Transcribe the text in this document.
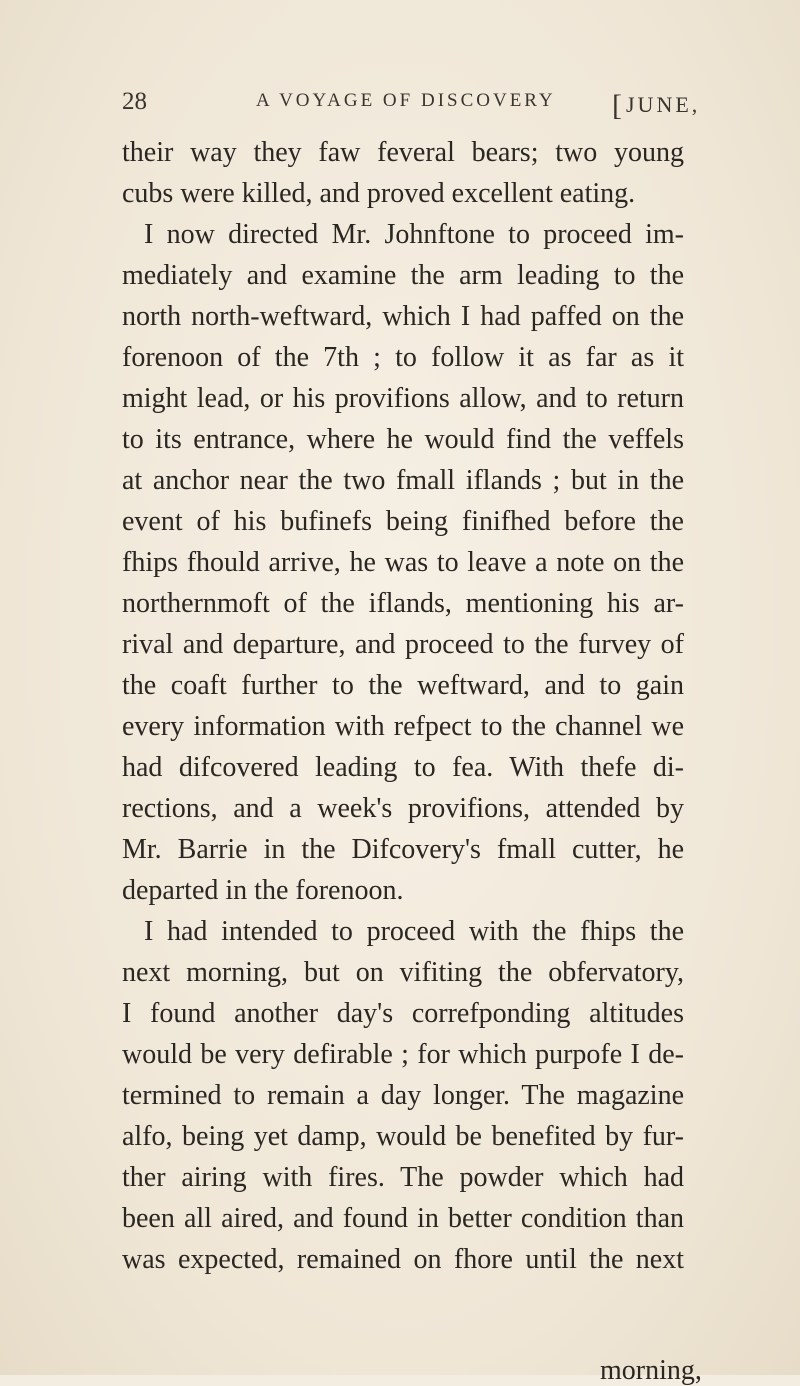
28	A VOYAGE OF DISCOVERY [JUNE,
their way they faw feveral bears; two young
cubs were killed, and proved excellent eating.
I now directed Mr. Johnftone to proceed im-
mediately and examine the arm leading to the
north north-weftward, which I had paffed on the
forenoon of the 7th ; to follow it as far as it
might lead, or his provifions allow, and to return
to its entrance, where he would find the veffels
at anchor near the two fmall iflands ; but in the
event of his bufinefs being finifhed before the
fhips fhould arrive, he was to leave a note on the
northernmoft of the iflands, mentioning his ar-
rival and departure, and proceed to the furvey of
the coaft further to the weftward, and to gain
every information with refpect to the channel we
had difcovered leading to fea. With thefe di-
rections, and a week's provifions, attended by
Mr. Barrie in the Difcovery's fmall cutter, he
departed in the forenoon.
I had intended to proceed with the fhips the
next morning, but on vifiting the obfervatory,
I found another day's correfponding altitudes
would be very defirable ; for which purpofe I de-
termined to remain a day longer. The magazine
alfo, being yet damp, would be benefited by fur-
ther airing with fires. The powder which had
been all aired, and found in better condition than
was expected, remained on fhore until the next
morning,
